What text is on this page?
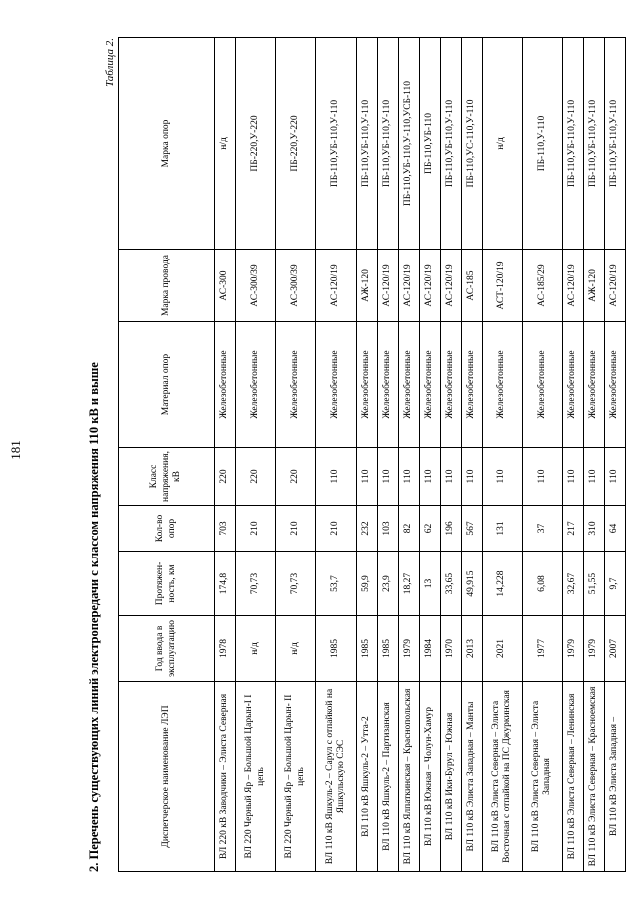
181	2. Перечень существующих линий электропередачи с классом напряжения 110 кВ и выше
Таблица 2.
Диспетчерское наименование ЛЭП	Год ввода в эксплуатацию	Протяжен-ность, км	Кол-во опор	Класс напряжения, кВ	Материал опор	Марка провода	Марка опор
ВЛ 220 кВ Заводчики – Элиста Северная	1978	174,8	703	220	Железобетонные	АС-300	н/д
ВЛ 220 Черный Яр – Большой Царын-I I цепь	н/д	70,73	210	220	Железобетонные	АС-300/39	ПБ-220,У-220
ВЛ 220 Черный Яр – Большой Царын- II цепь	н/д	70,73	210	220	Железобетонные	АС-300/39	ПБ-220,У-220
ВЛ 110 кВ Яшкуль-2 – Сарул с отпайкой на Яшкульскую СЭС	1985	53,7	210	110	Железобетонные	АС-120/19	ПБ-110,УБ-110,У-110
ВЛ 110 кВ Яшкуль-2 – Утта-2	1985	59,9	232	110	Железобетонные	АЖ-120	ПБ-110,УБ-110,У-110
ВЛ 110 кВ Яшкуль-2 – Партизанская	1985	23,9	103	110	Железобетонные	АС-120/19	ПБ-110,УБ-110,У-110
ВЛ 110 кВ Ялпаткинская – Краснопольская	1979	18,27	82	110	Железобетонные	АС-120/19	ПБ-110,УБ-110,У-110,УСБ-110
ВЛ 110 кВ Южная – Чолун-Хамур	1984	13	62	110	Железобетонные	АС-120/19	ПБ-110,УБ-110
ВЛ 110 кВ Ики-Бурул – Южная	1970	33,65	196	110	Железобетонные	АС-120/19	ПБ-110,УБ-110,У-110
ВЛ 110 кВ Элиста Западная – Манты	2013	49,915	567	110	Железобетонные	АС-185	ПБ-110,УС-110,У-110
ВЛ 110 кВ Элиста Северная – Элиста Восточная с отпайкой на ПС Джуркинская	2021	14,228	131	110	Железобетонные	АСТ-120/19	н/д
ВЛ 110 кВ Элиста Северная – Элиста Западная	1977	6,08	37	110	Железобетонные	АС-185/29	ПБ-110,У-110
ВЛ 110 кВ Элиста Северная – Ленинская	1979	32,67	217	110	Железобетонные	АС-120/19	ПБ-110,УБ-110,У-110
ВЛ 110 кВ Элиста Северная – Красноемская	1979	51,55	310	110	Железобетонные	АЖ-120	ПБ-110,УБ-110,У-110
ВЛ 110 кВ Элиста Западная –	2007	9,7	64	110	Железобетонные	АС-120/19	ПБ-110,УБ-110,У-110
